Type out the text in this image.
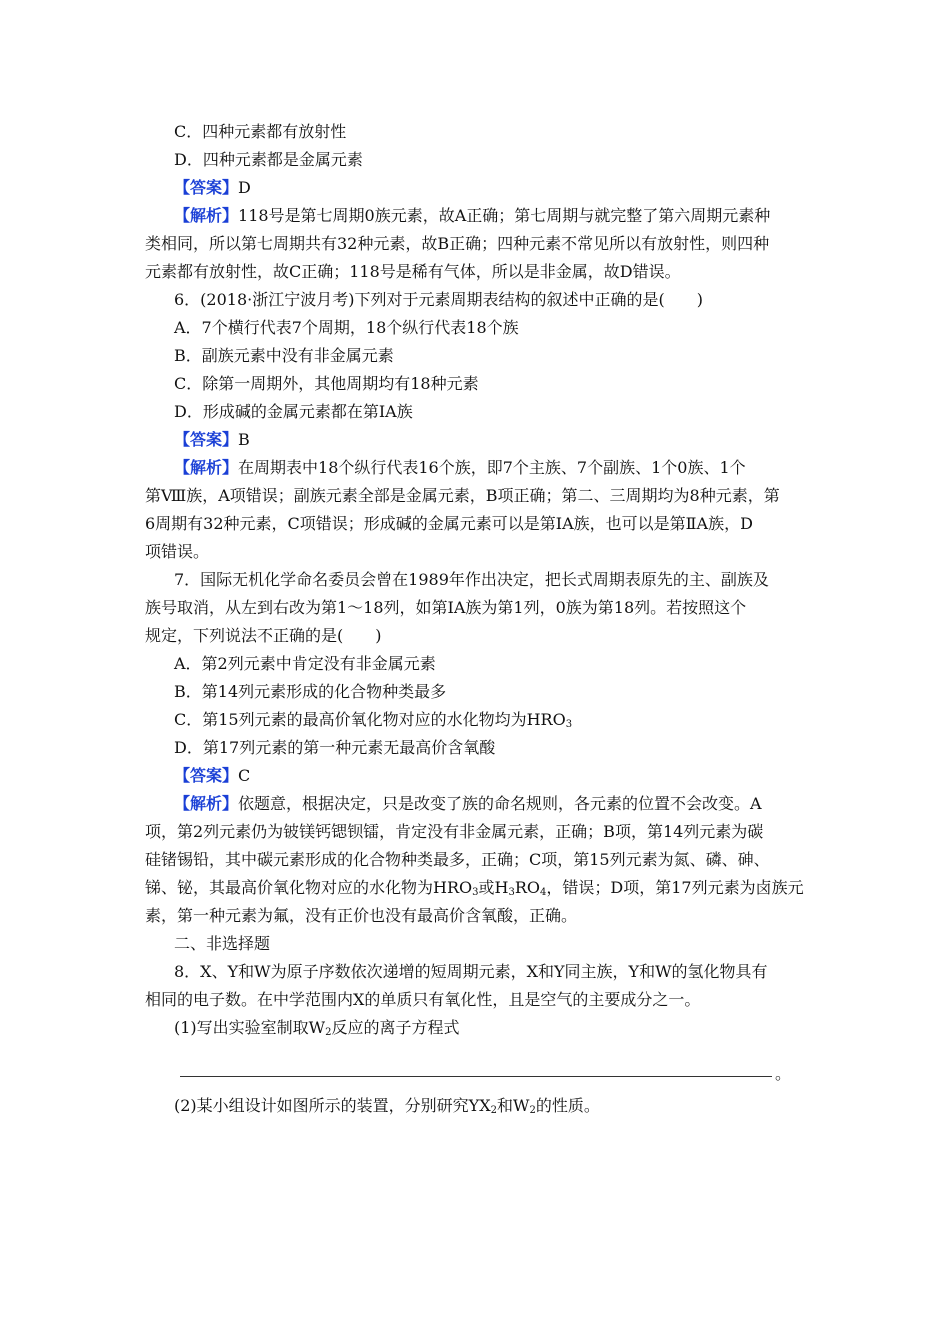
C．四种元素都有放射性
D．四种元素都是金属元素
【答案】D
【解析】118号是第七周期0族元素，故A正确；第七周期与就完整了第六周期元素种
类相同，所以第七周期共有32种元素，故B正确；四种元素不常见所以有放射性，则四种
元素都有放射性，故C正确；118号是稀有气体，所以是非金属，故D错误。
6．(2018·浙江宁波月考)下列对于元素周期表结构的叙述中正确的是(　　)
A．7个横行代表7个周期，18个纵行代表18个族
B．副族元素中没有非金属元素
C．除第一周期外，其他周期均有18种元素
D．形成碱的金属元素都在第ⅠA族
【答案】B
【解析】在周期表中18个纵行代表16个族，即7个主族、7个副族、1个0族、1个
第Ⅷ族，A项错误；副族元素全部是金属元素，B项正确；第二、三周期均为8种元素，第
6周期有32种元素，C项错误；形成碱的金属元素可以是第IA族，也可以是第ⅡA族，D
项错误。
7．国际无机化学命名委员会曾在1989年作出决定，把长式周期表原先的主、副族及
族号取消，从左到右改为第1～18列，如第ⅠA族为第1列，0族为第18列。若按照这个
规定，下列说法不正确的是(　　)
A．第2列元素中肯定没有非金属元素
B．第14列元素形成的化合物种类最多
C．第15列元素的最高价氧化物对应的水化物均为$HRO_3$
D．第17列元素的第一种元素无最高价含氧酸
【答案】C
【解析】依题意，根据决定，只是改变了族的命名规则，各元素的位置不会改变。A
项，第2列元素仍为铍镁钙锶钡镭，肯定没有非金属元素，正确；B项，第14列元素为碳
硅锗锡铅，其中碳元素形成的化合物种类最多，正确；C项，第15列元素为氮、磷、砷、
锑、铋，其最高价氧化物对应的水化物为$HRO_3$或$H_3RO_4$，错误；D项，第17列元素为卤族元
素，第一种元素为氟，没有正价也没有最高价含氧酸，正确。
二、非选择题
8．X、Y和W为原子序数依次递增的短周期元素，X和Y同主族，Y和W的氢化物具有
相同的电子数。在中学范围内X的单质只有氧化性，且是空气的主要成分之一。
(1)写出实验室制取$W_2$反应的离子方程式
。
(2)某小组设计如图所示的装置，分别研究$YX_2$和$W_2$的性质。
